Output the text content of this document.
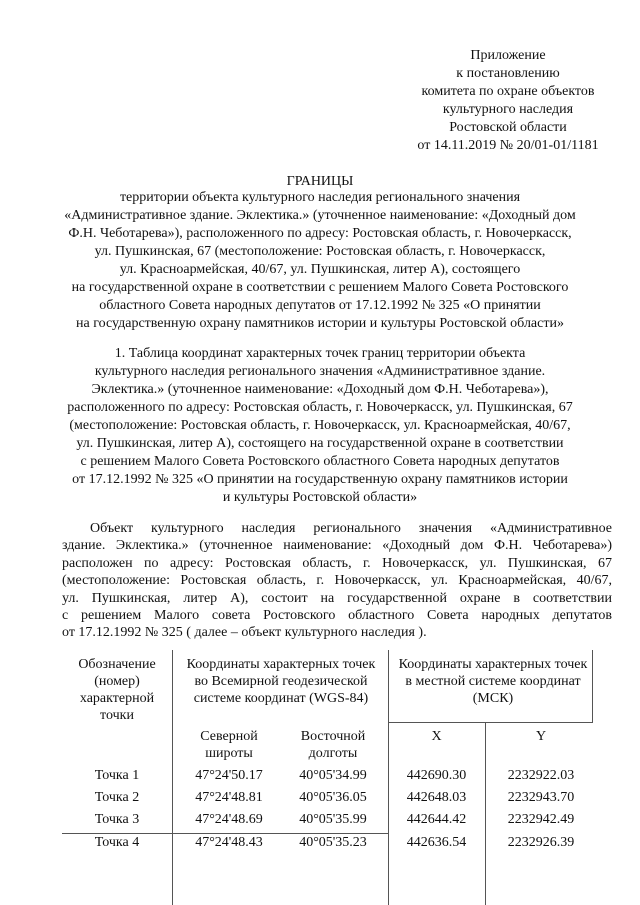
Приложение
к постановлению
комитета по охране объектов
культурного наследия
Ростовской области
от 14.11.2019 № 20/01-01/1181
ГРАНИЦЫ
территории объекта культурного наследия регионального значения
«Административное здание. Эклектика.» (уточненное наименование: «Доходный дом
Ф.Н. Чеботарева»), расположенного по адресу: Ростовская область, г. Новочеркасск,
ул. Пушкинская, 67 (местоположение: Ростовская область, г. Новочеркасск,
ул. Красноармейская, 40/67, ул. Пушкинская, литер А), состоящего
на государственной охране в соответствии с решением Малого Совета Ростовского
областного Совета народных депутатов от 17.12.1992 № 325 «О принятии
на государственную охрану памятников истории и культуры Ростовской области»
1. Таблица координат характерных точек границ территории объекта
культурного наследия регионального значения «Административное здание.
Эклектика.» (уточненное наименование: «Доходный дом Ф.Н. Чеботарева»),
расположенного по адресу: Ростовская область, г. Новочеркасск, ул. Пушкинская, 67
(местоположение: Ростовская область, г. Новочеркасск, ул. Красноармейская, 40/67,
ул. Пушкинская, литер А), состоящего на государственной охране в соответствии
с решением Малого Совета Ростовского областного Совета народных депутатов
от 17.12.1992 № 325 «О принятии на государственную охрану памятников истории
и культуры Ростовской области»
Объект культурного наследия регионального значения «Административное
здание. Эклектика.» (уточненное наименование: «Доходный дом Ф.Н. Чеботарева»)
расположен по адресу: Ростовская область, г. Новочеркасск, ул. Пушкинская, 67
(местоположение: Ростовская область, г. Новочеркасск, ул. Красноармейская, 40/67,
ул. Пушкинская, литер А), состоит на государственной охране в соответствии
с решением Малого совета Ростовского областного Совета народных депутатов
от 17.12.1992 № 325 ( далее – объект культурного наследия ).
Обозначение
(номер)
характерной
точки
Координаты характерных точек
во Всемирной геодезической
системе координат (WGS-84)
Координаты характерных точек
в местной системе координат
(МСК)
Северной
широты
Восточной
долготы
X	Y
Точка 1	47°24'50.17	40°05'34.99	442690.30	2232922.03
Точка 2	47°24'48.81	40°05'36.05	442648.03	2232943.70
Точка 3	47°24'48.69	40°05'35.99	442644.42	2232942.49
Точка 4	47°24'48.43	40°05'35.23	442636.54	2232926.39
